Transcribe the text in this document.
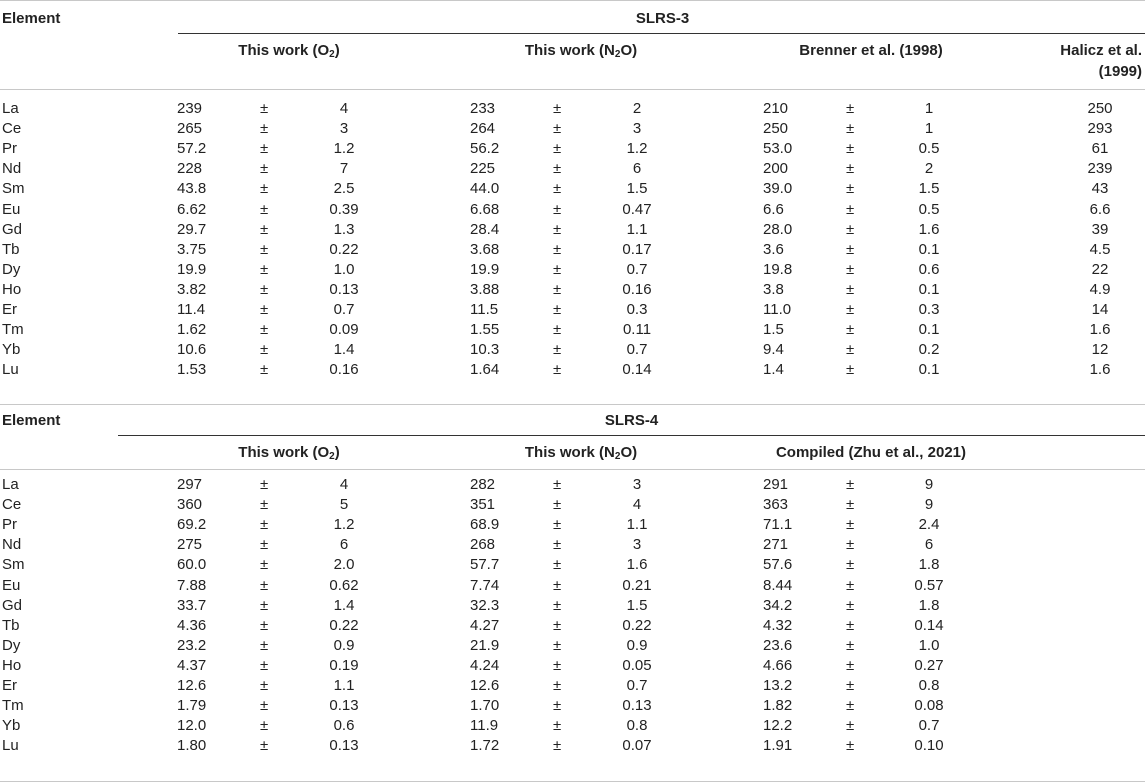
Element	SLRS-3
This work $(O_2)$	This work $(N_2O)$	Brenner et al. (1998)	Halicz et al.
(1999)
La	239	±	4	233	±	2	210	±	1	250
Ce	265	±	3	264	±	3	250	±	1	293
Pr	57.2	±	1.2	56.2	±	1.2	53.0	±	0.5	61
Nd	228	±	7	225	±	6	200	±	2	239
Sm	43.8	±	2.5	44.0	±	1.5	39.0	±	1.5	43
Eu	6.62	±	0.39	6.68	±	0.47	6.6	±	0.5	6.6
Gd	29.7	±	1.3	28.4	±	1.1	28.0	±	1.6	39
Tb	3.75	±	0.22	3.68	±	0.17	3.6	±	0.1	4.5
Dy	19.9	±	1.0	19.9	±	0.7	19.8	±	0.6	22
Ho	3.82	±	0.13	3.88	±	0.16	3.8	±	0.1	4.9
Er	11.4	±	0.7	11.5	±	0.3	11.0	±	0.3	14
Tm	1.62	±	0.09	1.55	±	0.11	1.5	±	0.1	1.6
Yb	10.6	±	1.4	10.3	±	0.7	9.4	±	0.2	12
Lu	1.53	±	0.16	1.64	±	0.14	1.4	±	0.1	1.6
Element	SLRS-4
This work $(O_2)$	This work $(N_2O)$	Compiled (Zhu et al., 2021)
La	297	±	4	282	±	3	291	±	9
Ce	360	±	5	351	±	4	363	±	9
Pr	69.2	±	1.2	68.9	±	1.1	71.1	±	2.4
Nd	275	±	6	268	±	3	271	±	6
Sm	60.0	±	2.0	57.7	±	1.6	57.6	±	1.8
Eu	7.88	±	0.62	7.74	±	0.21	8.44	±	0.57
Gd	33.7	±	1.4	32.3	±	1.5	34.2	±	1.8
Tb	4.36	±	0.22	4.27	±	0.22	4.32	±	0.14
Dy	23.2	±	0.9	21.9	±	0.9	23.6	±	1.0
Ho	4.37	±	0.19	4.24	±	0.05	4.66	±	0.27
Er	12.6	±	1.1	12.6	±	0.7	13.2	±	0.8
Tm	1.79	±	0.13	1.70	±	0.13	1.82	±	0.08
Yb	12.0	±	0.6	11.9	±	0.8	12.2	±	0.7
Lu	1.80	±	0.13	1.72	±	0.07	1.91	±	0.10
